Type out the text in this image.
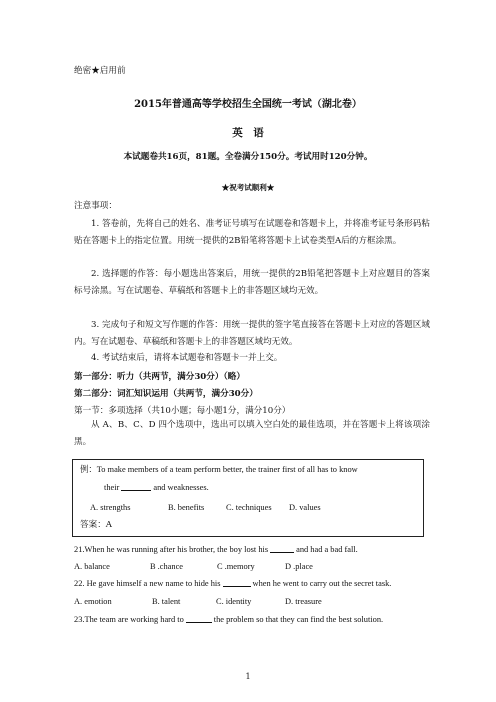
绝密★启用前
2015年普通高等学校招生全国统一考试（湖北卷）
英　语
本试题卷共16页，81题。全卷满分150分。考试用时120分钟。
★祝考试顺利★
注意事项：
1. 答卷前，先将自己的姓名、准考证号填写在试题卷和答题卡上，并将准考证号条形码粘贴在答题卡上的指定位置。用统一提供的2B铅笔将答题卡上试卷类型A后的方框涂黑。
2. 选择题的作答：每小题选出答案后，用统一提供的2B铅笔把答题卡上对应题目的答案标号涂黑。写在试题卷、草稿纸和答题卡上的非答题区域均无效。
3. 完成句子和短文写作题的作答：用统一提供的签字笔直接答在答题卡上对应的答题区域内。写在试题卷、草稿纸和答题卡上的非答题区域均无效。
4. 考试结束后，请将本试题卷和答题卡一并上交。
第一部分：听力（共两节，满分30分）（略）
第二部分：词汇知识运用（共两节，满分30分）
第一节：多项选择（共10小题；每小题1分，满分10分）
从 A、B、C、D 四个选项中，选出可以填入空白处的最佳选项，并在答题卡上将该项涂黑。
例：To make members of a team perform better, the trainer first of all has to know
their	and weaknesses.
A. strengths	B. benefits	C. techniques D. values
答案：A
21.When he was running after his brother, the boy lost his	and had a bad fall.
A. balance	B .chance	C .memory	D .place
22. He gave himself a new name to hide his	when he went to carry out the secret task.
A. emotion	B. talent	C. identity	D. treasure
23.The team are working hard to	the problem so that they can find the best solution.
1
